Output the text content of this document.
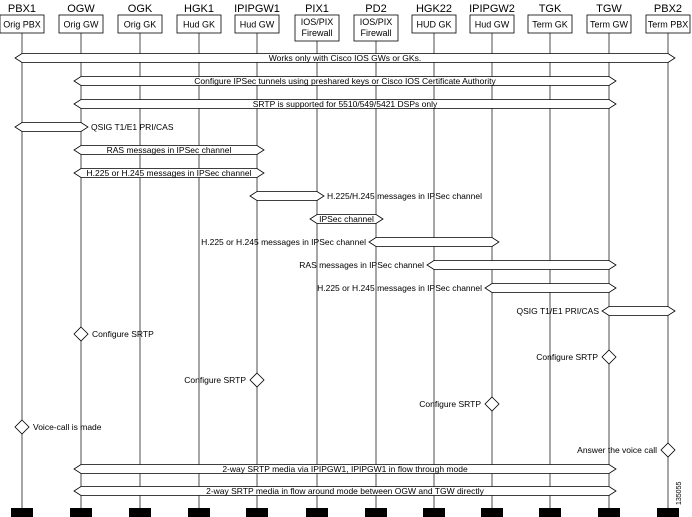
PBX1	OGW	OGK	HGK1 IPIPGW1 PIX1	PD2	HGK22 IPIPGW2 TGK	TGW	PBX2
Orig PBX	Orig GW	Orig GK	Hud GK	Hud GW	IOS/PIX Firewall
IOS/PIX Firewall
HUD GK	Hud GW	Term GK Term GW Term PBX
Works only with Cisco IOS GWs or GKs.
Configure IPSec tunnels using preshared keys or Cisco IOS Certificate Authority
SRTP is supported for 5510/549/5421 DSPs only
QSIG T1/E1 PRI/CAS
RAS messages in IPSec channel
H.225 or H.245 messages in IPSec channel
H.225/H.245 messages in IPSec channel
IPSec channel
H.225 or H.245 messages in IPSec channel
RAS messages in IPSec channel
H.225 or H.245 messages in IPSec channel
QSIG T1/E1 PRI/CAS
Configure SRTP
Configure SRTP
Configure SRTP
Configure SRTP
Voice-call is made
Answer the voice call
2-way SRTP media via IPIPGW1, IPIPGW1 in flow through mode
2-way SRTP media in flow around mode between OGW and TGW directly	135055
